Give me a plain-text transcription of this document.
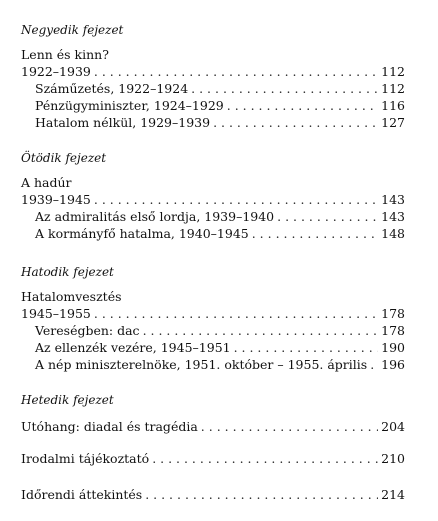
Negyedik fejezet
Lenn és kinn?
1922–1939 . . .	112
Száműzetés, 1922–1924 . . .	112
Pénzügyminiszter, 1924–1929 . . .	116
Hatalom nélkül, 1929–1939 . . .	127
Ötödik fejezet
A hadúr
1939–1945 . . .	143
Az admiralitás első lordja, 1939–1940 . . .	143
A kormányfő hatalma, 1940–1945 . . .	148
Hatodik fejezet
Hatalomvesztés
1945–1955 . . .	178
Vereségben: dac . . .	178
Az ellenzék vezére, 1945–1951 . . .	190
A nép miniszterelnöke, 1951. október – 1955. április . . . 196
Hetedik fejezet
Utóhang: diadal és tragédia . . .	204
Irodalmi tájékoztató . . .	210
Időrendi áttekintés . . .	214
